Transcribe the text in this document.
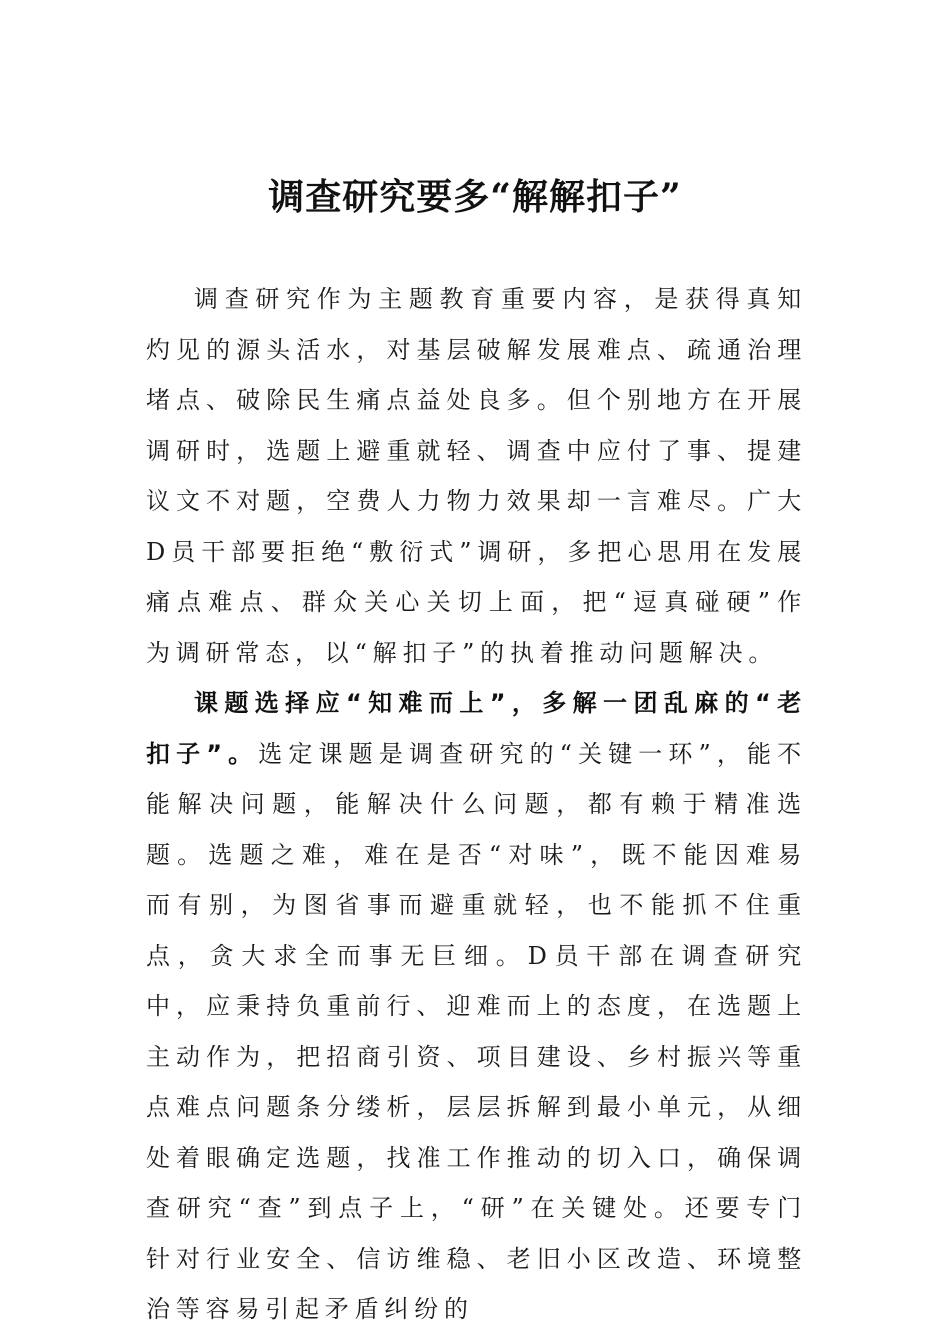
调查研究要多“解解扣子”

调查研究作为主题教育重要内容，是获得真知灼见的源头活水，对基层破解发展难点、疏通治理堵点、破除民生痛点益处良多。但个别地方在开展调研时，选题上避重就轻、调查中应付了事、提建议文不对题，空费人力物力效果却一言难尽。广大D员干部要拒绝“敷衍式”调研，多把心思用在发展痛点难点、群众关心关切上面，把“逗真碰硬”作为调研常态，以“解扣子”的执着推动问题解决。

课题选择应“知难而上”，多解一团乱麻的“老扣子”。选定课题是调查研究的“关键一环”，能不能解决问题，能解决什么问题，都有赖于精准选题。选题之难，难在是否“对味”，既不能因难易而有别，为图省事而避重就轻，也不能抓不住重点，贪大求全而事无巨细。D员干部在调查研究中，应秉持负重前行、迎难而上的态度，在选题上主动作为，把招商引资、项目建设、乡村振兴等重点难点问题条分缕析，层层拆解到最小单元，从细处着眼确定选题，找准工作推动的切入口，确保调查研究“查”到点子上，“研”在关键处。还要专门针对行业安全、信访维稳、老旧小区改造、环境整治等容易引起矛盾纠纷的
